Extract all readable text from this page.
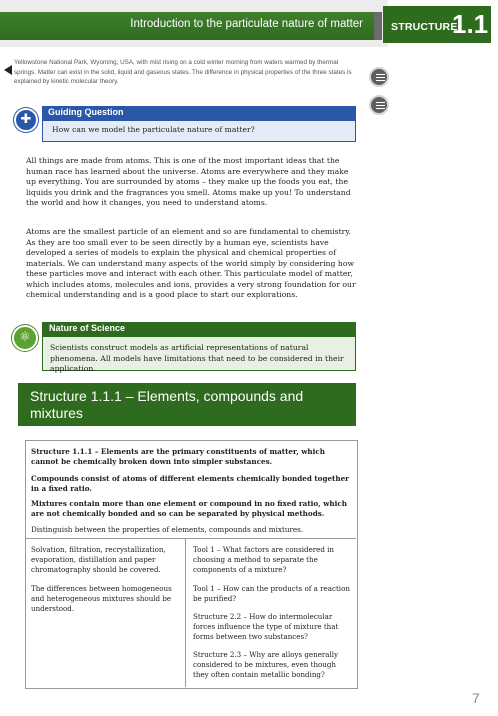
Introduction to the particulate nature of matter	STRUCTURE
1.1
Yellowstone National Park, Wyoming, USA, with mist rising on a cold winter morning from waters warmed by thermal springs. Matter can exist in the solid, liquid and gaseous states. The difference in physical properties of the three states is explained by kinetic molecular theory.
✚	Guiding Question
How can we model the particulate nature of matter?
All things are made from atoms. This is one of the most important ideas that the human race has learned about the universe. Atoms are everywhere and they make up everything. You are surrounded by atoms – they make up the foods you eat, the liquids you drink and the fragrances you smell. Atoms make up you! To understand the world and how it changes, you need to understand atoms.
Atoms are the smallest particle of an element and so are fundamental to chemistry. As they are too small ever to be seen directly by a human eye, scientists have developed a series of models to explain the physical and chemical properties of materials. We can understand many aspects of the world simply by considering how these particles move and interact with each other. This particulate model of matter, which includes atoms, molecules and ions, provides a very strong foundation for our chemical understanding and is a good place to start our explorations.
⚛
Nature of Science
Scientists construct models as artificial representations of natural phenomena. All models have limitations that need to be considered in their application.
Structure 1.1.1 – Elements, compounds and mixtures
Structure 1.1.1 – Elements are the primary constituents of matter, which cannot be chemically broken down into simpler substances.
Compounds consist of atoms of different elements chemically bonded together in a fixed ratio.
Mixtures contain more than one element or compound in no fixed ratio, which are not chemically bonded and so can be separated by physical methods.
Distinguish between the properties of elements, compounds and mixtures.
Solvation, filtration, recrystallization, evaporation, distillation and paper chromatography should be covered.
The differences between homogeneous and heterogeneous mixtures should be understood.
Tool 1 – What factors are considered in choosing a method to separate the components of a mixture?
Tool 1 – How can the products of a reaction be purified?
Structure 2.2 – How do intermolecular forces influence the type of mixture that forms between two substances?
Structure 2.3 – Why are alloys generally considered to be mixtures, even though they often contain metallic bonding?
7
